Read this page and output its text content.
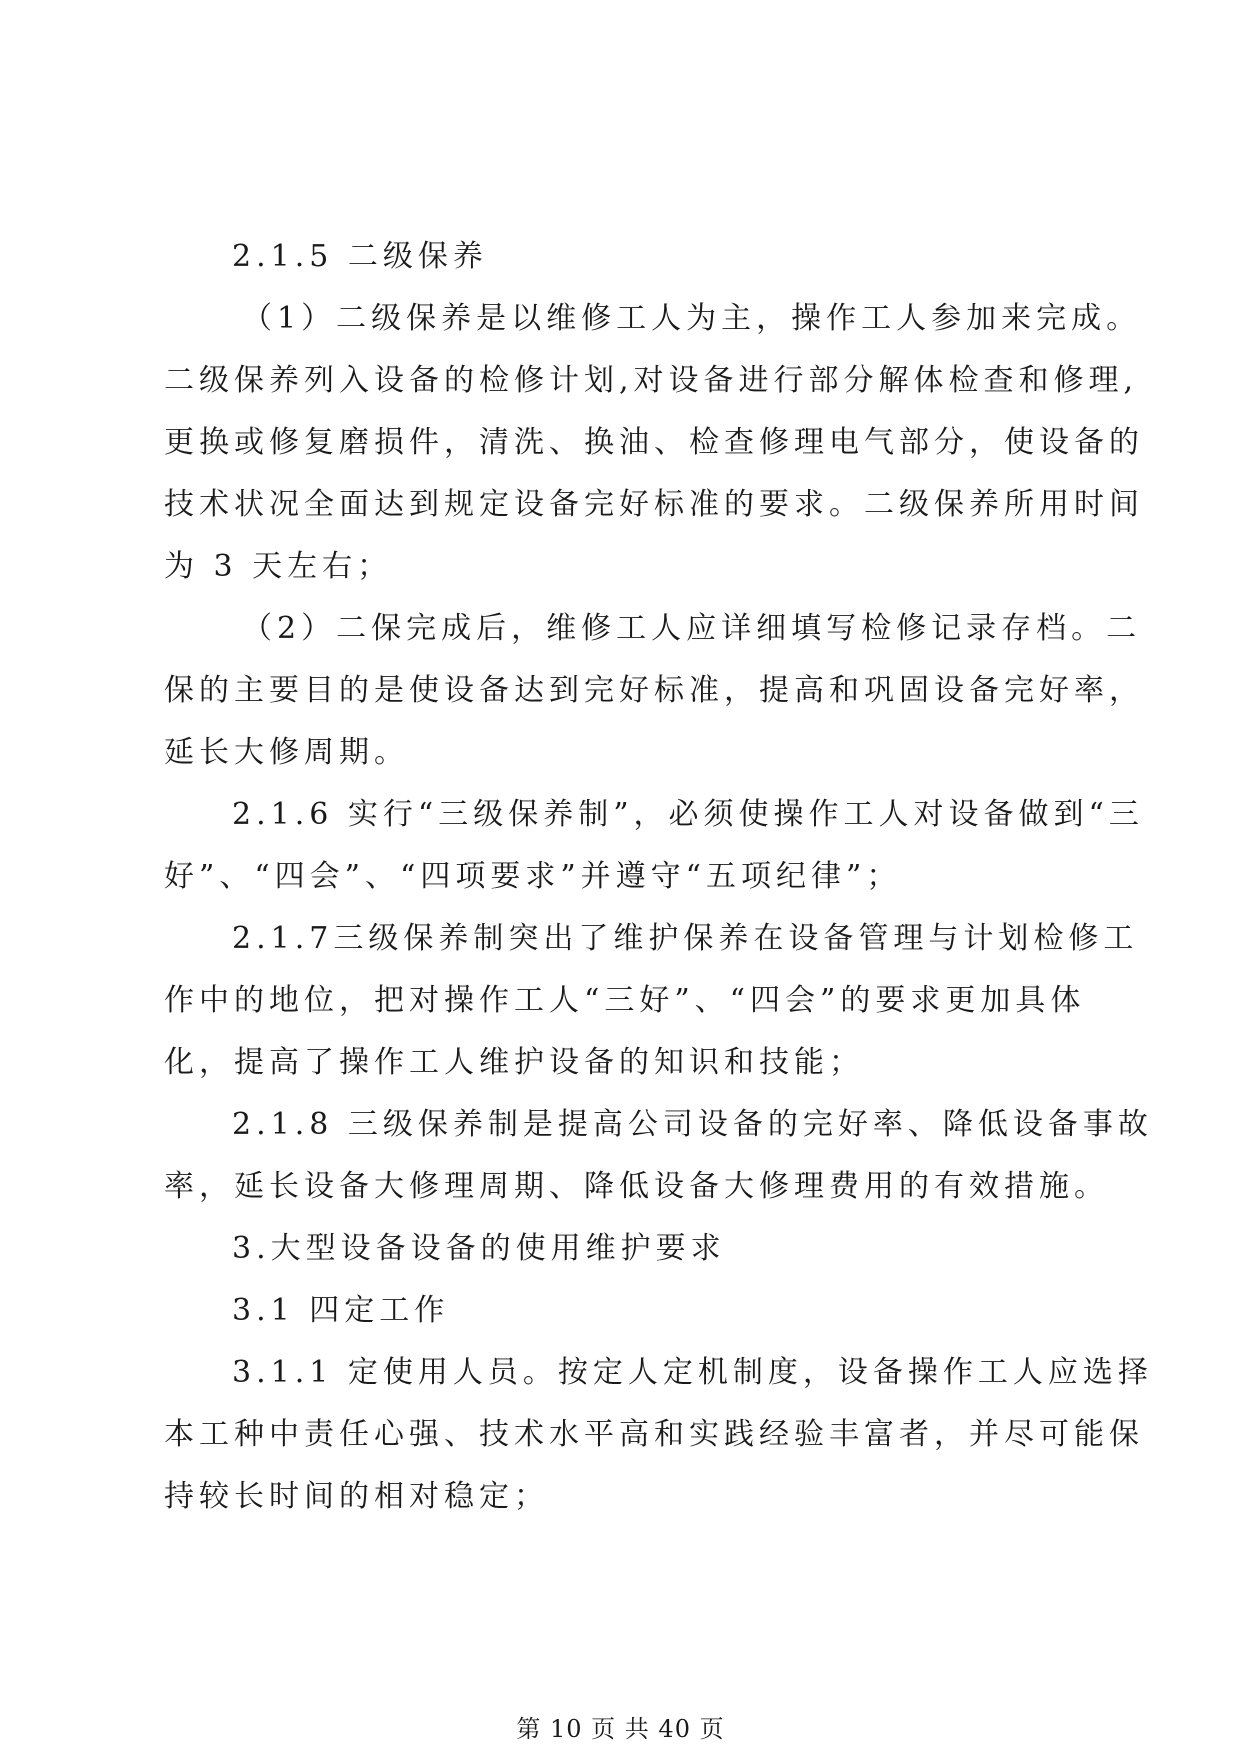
2.1.5 二级保养
（1）二级保养是以维修工人为主，操作工人参加来完成。
二级保养列入设备的检修计划,对设备进行部分解体检查和修理,
更换或修复磨损件，清洗、换油、检查修理电气部分，使设备的
技术状况全面达到规定设备完好标准的要求。二级保养所用时间
为 3 天左右；
（2）二保完成后，维修工人应详细填写检修记录存档。二
保的主要目的是使设备达到完好标准，提高和巩固设备完好率，
延长大修周期。
2.1.6 实行“三级保养制”，必须使操作工人对设备做到“三
好”、“四会”、“四项要求”并遵守“五项纪律”；
2.1.7三级保养制突出了维护保养在设备管理与计划检修工
作中的地位，把对操作工人“三好”、“四会”的要求更加具体
化，提高了操作工人维护设备的知识和技能；
2.1.8 三级保养制是提高公司设备的完好率、降低设备事故
率，延长设备大修理周期、降低设备大修理费用的有效措施。
3.大型设备设备的使用维护要求
3.1 四定工作
3.1.1 定使用人员。按定人定机制度，设备操作工人应选择
本工种中责任心强、技术水平高和实践经验丰富者，并尽可能保
持较长时间的相对稳定；
第 10 页 共 40 页
